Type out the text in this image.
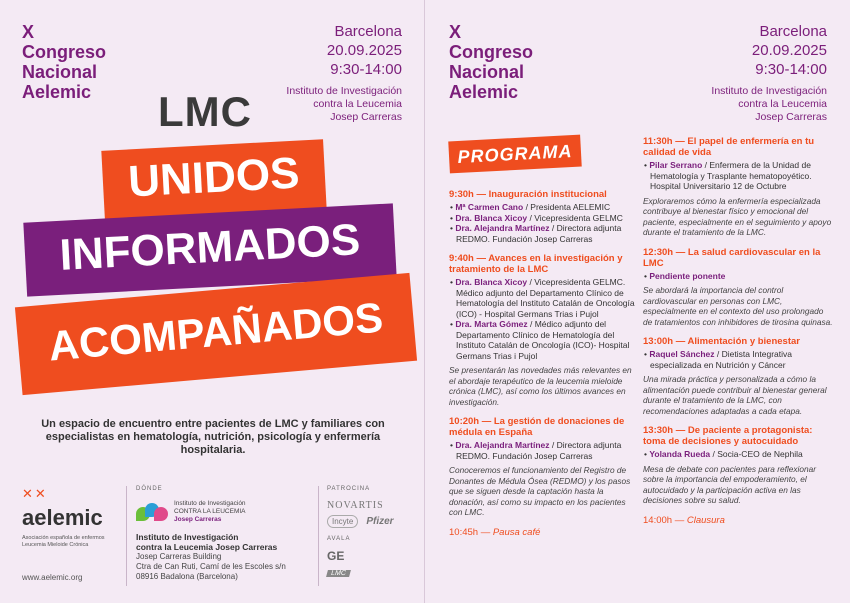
X
Congreso
Nacional
Aelemic
Barcelona
20.09.2025
9:30-14:00
Instituto de Investigación
contra la Leucemia
Josep Carreras
LMC
UNIDOS
INFORMADOS
ACOMPAÑADOS
Un espacio de encuentro entre pacientes de LMC y familiares con especialistas en hematología, nutrición, psicología y enfermería hospitalaria.
✕✕
aelemic
Asociación española de enfermos Leucemia Mieloide Crónica
www.aelemic.org
DÓNDE
Instituto de Investigación
CONTRA LA LEUCEMIA
Josep Carreras
Instituto de Investigación
contra la Leucemia Josep Carreras
Josep Carreras Building
Ctra de Can Ruti, Camí de les Escoles s/n
08916 Badalona (Barcelona)
PATROCINA
NOVARTIS
Incyte	Pfizer
AVALA
GE
LMC
X
Congreso
Nacional
Aelemic
Barcelona
20.09.2025
9:30-14:00
Instituto de Investigación
contra la Leucemia
Josep Carreras
PROGRAMA
9:30h — Inauguración institucional
• Mª Carmen Cano / Presidenta AELEMIC
• Dra. Blanca Xicoy / Vicepresidenta GELMC
• Dra. Alejandra Martínez / Directora adjunta REDMO. Fundación Josep Carreras
9:40h — Avances en la investigación y tratamiento de la LMC
• Dra. Blanca Xicoy / Vicepresidenta GELMC. Médico adjunto del Departamento Clínico de Hematología del Instituto Catalán de Oncología (ICO) - Hospital Germans Trias i Pujol
• Dra. Marta Gómez / Médico adjunto del Departamento Clínico de Hematología del Instituto Catalán de Oncología (ICO)- Hospital Germans Trias i Pujol
Se presentarán las novedades más relevantes en el abordaje terapéutico de la leucemia mieloide crónica (LMC), así como los últimos avances en investigación.
10:20h — La gestión de donaciones de médula en España
• Dra. Alejandra Martínez / Directora adjunta REDMO. Fundación Josep Carreras
Conoceremos el funcionamiento del Registro de Donantes de Médula Ósea (REDMO) y los pasos que se siguen desde la captación hasta la donación, así como su impacto en los pacientes con LMC.
10:45h — Pausa café
11:30h — El papel de enfermería en tu calidad de vida
• Pilar Serrano / Enfermera de la Unidad de Hematología y Trasplante hematopoyético. Hospital Universitario 12 de Octubre
Exploraremos cómo la enfermería especializada contribuye al bienestar físico y emocional del paciente, especialmente en el seguimiento y apoyo durante el tratamiento de la LMC.
12:30h — La salud cardiovascular en la LMC
• Pendiente ponente
Se abordará la importancia del control cardiovascular en personas con LMC, especialmente en el contexto del uso prolongado de tratamientos con inhibidores de tirosina quinasa.
13:00h — Alimentación y bienestar
• Raquel Sánchez / Dietista Integrativa especializada en Nutrición y Cáncer
Una mirada práctica y personalizada a cómo la alimentación puede contribuir al bienestar general durante el tratamiento de la LMC, con recomendaciones adaptadas a cada etapa.
13:30h — De paciente a protagonista: toma de decisiones y autocuidado
• Yolanda Rueda / Socia-CEO de Nephila
Mesa de debate con pacientes para reflexionar sobre la importancia del empoderamiento, el autocuidado y la participación activa en las decisiones sobre su salud.
14:00h — Clausura
